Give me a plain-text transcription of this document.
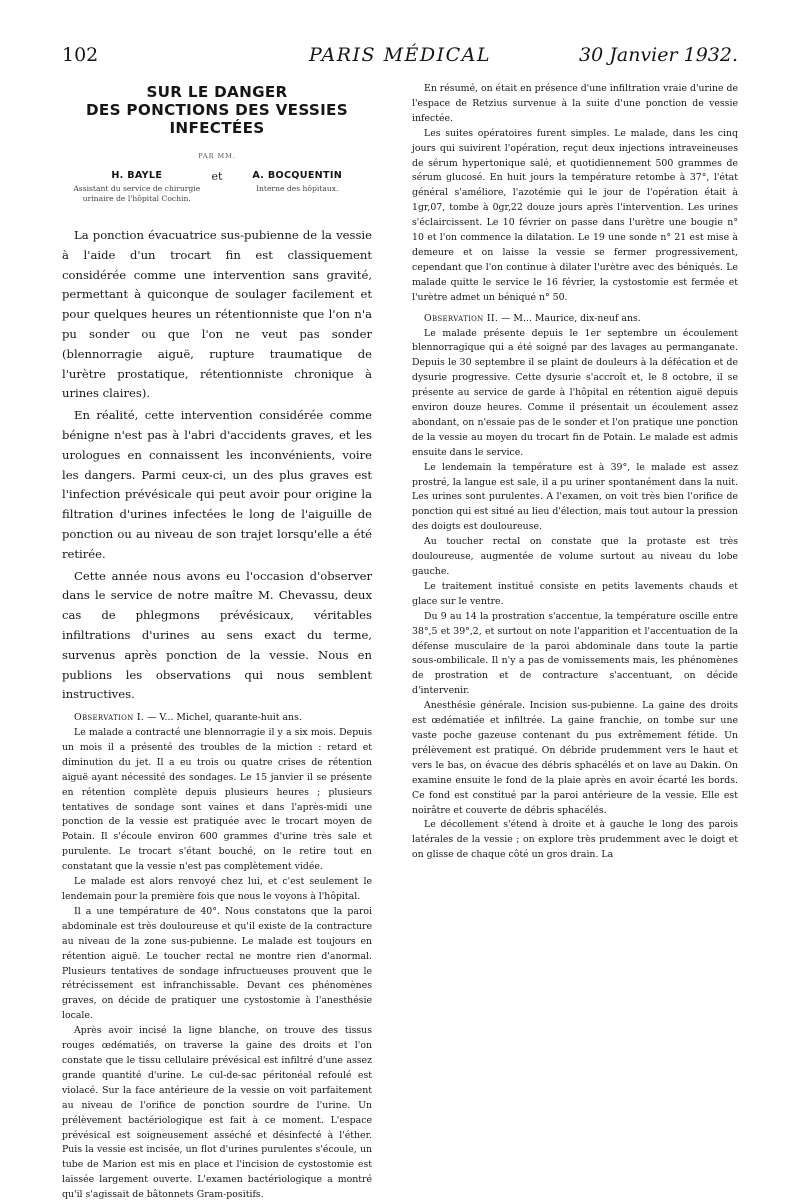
102	PARIS MÉDICAL	30 Janvier 1932.
SUR LE DANGER
DES PONCTIONS DES VESSIES
INFECTÉES
PAR MM.
H. BAYLE
Assistant du service de chirurgie
urinaire de l'hôpital Cochin.
et	A. BOCQUENTIN
Interne des hôpitaux.

La ponction évacuatrice sus-pubienne de la vessie à l'aide d'un trocart fin est classiquement considérée comme une intervention sans gravité, permettant à quiconque de soulager facilement et pour quelques heures un rétentionniste que l'on n'a pu sonder ou que l'on ne veut pas sonder (blennorragie aiguë, rupture traumatique de l'urètre prostatique, rétentionniste chronique à urines claires).

En réalité, cette intervention considérée comme bénigne n'est pas à l'abri d'accidents graves, et les urologues en connaissent les inconvénients, voire les dangers. Parmi ceux-ci, un des plus graves est l'infection prévésicale qui peut avoir pour origine la filtration d'urines infectées le long de l'aiguille de ponction ou au niveau de son trajet lorsqu'elle a été retirée.

Cette année nous avons eu l'occasion d'observer dans le service de notre maître M. Chevassu, deux cas de phlegmons prévésicaux, véritables infiltrations d'urines au sens exact du terme, survenus après ponction de la vessie. Nous en publions les observations qui nous semblent instructives.

Observation I. — V... Michel, quarante-huit ans.

Le malade a contracté une blennorragie il y a six mois. Depuis un mois il a présenté des troubles de la miction : retard et diminution du jet. Il a eu trois ou quatre crises de rétention aiguë ayant nécessité des sondages. Le 15 janvier il se présente en rétention complète depuis plusieurs heures ; plusieurs tentatives de sondage sont vaines et dans l'après-midi une ponction de la vessie est pratiquée avec le trocart moyen de Potain. Il s'écoule environ 600 grammes d'urine très sale et purulente. Le trocart s'étant bouché, on le retire tout en constatant que la vessie n'est pas complètement vidée.

Le malade est alors renvoyé chez lui, et c'est seulement le lendemain pour la première fois que nous le voyons à l'hôpital.

Il a une température de 40°. Nous constatons que la paroi abdominale est très douloureuse et qu'il existe de la contracture au niveau de la zone sus-pubienne. Le malade est toujours en rétention aiguë. Le toucher rectal ne montre rien d'anormal. Plusieurs tentatives de sondage infructueuses prouvent que le rétrécissement est infranchissable. Devant ces phénomènes graves, on décide de pratiquer une cystostomie à l'anesthésie locale.

Après avoir incisé la ligne blanche, on trouve des tissus rouges œdématiés, on traverse la gaine des droits et l'on constate que le tissu cellulaire prévésical est infiltré d'une assez grande quantité d'urine. Le cul-de-sac péritonéal refoulé est violacé. Sur la face antérieure de la vessie on voit parfaitement au niveau de l'orifice de ponction sourdre de l'urine. Un prélèvement bactériologique est fait à ce moment. L'espace prévésical est soigneusement asséché et désinfecté à l'éther. Puis la vessie est incisée, un flot d'urines purulentes s'écoule, un tube de Marion est mis en place et l'incision de cystostomie est laissée largement ouverte. L'examen bactériologique a montré qu'il s'agissait de bâtonnets Gram-positifs.

En résumé, on était en présence d'une infiltration vraie d'urine de l'espace de Retzius survenue à la suite d'une ponction de vessie infectée.

Les suites opératoires furent simples. Le malade, dans les cinq jours qui suivirent l'opération, reçut deux injections intraveineuses de sérum hypertonique salé, et quotidiennement 500 grammes de sérum glucosé. En huit jours la température retombe à 37°, l'état général s'améliore, l'azotémie qui le jour de l'opération était à 1gr,07, tombe à 0gr,22 douze jours après l'intervention. Les urines s'éclaircissent. Le 10 février on passe dans l'urètre une bougie n° 10 et l'on commence la dilatation. Le 19 une sonde n° 21 est mise à demeure et on laisse la vessie se fermer progressivement, cependant que l'on continue à dilater l'urètre avec des béniqués. Le malade quitte le service le 16 février, la cystostomie est fermée et l'urètre admet un béniqué n° 50.

Observation II. — M... Maurice, dix-neuf ans.

Le malade présente depuis le 1er septembre un écoulement blennorragique qui a été soigné par des lavages au permanganate. Depuis le 30 septembre il se plaint de douleurs à la défécation et de dysurie progressive. Cette dysurie s'accroît et, le 8 octobre, il se présente au service de garde à l'hôpital en rétention aiguë depuis environ douze heures. Comme il présentait un écoulement assez abondant, on n'essaie pas de le sonder et l'on pratique une ponction de la vessie au moyen du trocart fin de Potain. Le malade est admis ensuite dans le service.

Le lendemain la température est à 39°, le malade est assez prostré, la langue est sale, il a pu uriner spontanément dans la nuit. Les urines sont purulentes. A l'examen, on voit très bien l'orifice de ponction qui est situé au lieu d'élection, mais tout autour la pression des doigts est douloureuse.

Au toucher rectal on constate que la protaste est très douloureuse, augmentée de volume surtout au niveau du lobe gauche.

Le traitement institué consiste en petits lavements chauds et glace sur le ventre.

Du 9 au 14 la prostration s'accentue, la température oscille entre 38°,5 et 39°,2, et surtout on note l'apparition et l'accentuation de la défense musculaire de la paroi abdominale dans toute la partie sous-ombilicale. Il n'y a pas de vomissements mais, les phénomènes de prostration et de contracture s'accentuant, on décide d'intervenir.

Anesthésie générale. Incision sus-pubienne. La gaine des droits est œdématiée et infiltrée. La gaine franchie, on tombe sur une vaste poche gazeuse contenant du pus extrêmement fétide. Un prélèvement est pratiqué. On débride prudemment vers le haut et vers le bas, on évacue des débris sphacélés et on lave au Dakin. On examine ensuite le fond de la plaie après en avoir écarté les bords. Ce fond est constitué par la paroi antérieure de la vessie. Elle est noirâtre et couverte de débris sphacélés.

Le décollement s'étend à droite et à gauche le long des parois latérales de la vessie ; on explore très prudemment avec le doigt et on glisse de chaque côté un gros drain. La
